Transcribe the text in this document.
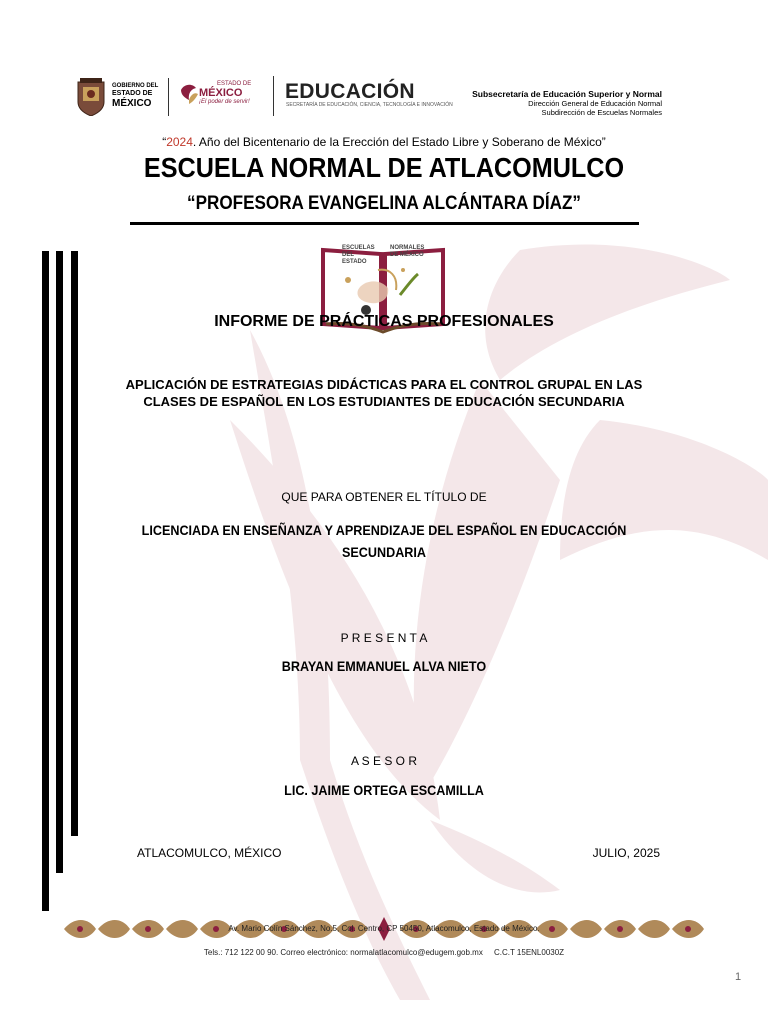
GOBIERNO DEL
ESTADO DE
MÉXICO
ESTADO DE
MÉXICO
¡El poder de servir! EDUCACIÓN
SECRETARÍA DE EDUCACIÓN, CIENCIA, TECNOLOGÍA E INNOVACIÓN
Subsecretaría de Educación Superior y Normal
Dirección General de Educación Normal
Subdirección de Escuelas Normales
“2024. Año del Bicentenario de la Erección del Estado Libre y Soberano de México”
ESCUELA NORMAL DE ATLACOMULCO
“PROFESORA EVANGELINA ALCÁNTARA DÍAZ”
ESCUELAS DEL ESTADO
NORMALES DE MÉXICO
INFORME DE PRÁCTICAS PROFESIONALES
APLICACIÓN DE ESTRATEGIAS DIDÁCTICAS PARA EL CONTROL GRUPAL EN LAS
CLASES DE ESPAÑOL EN LOS ESTUDIANTES DE EDUCACIÓN SECUNDARIA
QUE PARA OBTENER EL TÍTULO DE
LICENCIADA EN ENSEÑANZA Y APRENDIZAJE DEL ESPAÑOL EN EDUCACCIÓN
SECUNDARIA
P R E S E N T A
BRAYAN EMMANUEL ALVA NIETO
A S E S O R
LIC. JAIME ORTEGA ESCAMILLA
ATLACOMULCO, MÉXICO	JULIO, 2025
Av. Mario Colín Sánchez, No.5, Col. Centro, CP 50450, Atlacomulco, Estado de México.
Tels.: 712 122 00 90. Correo electrónico: normalatlacomulco@edugem.gob.mx     C.C.T 15ENL0030Z
1
